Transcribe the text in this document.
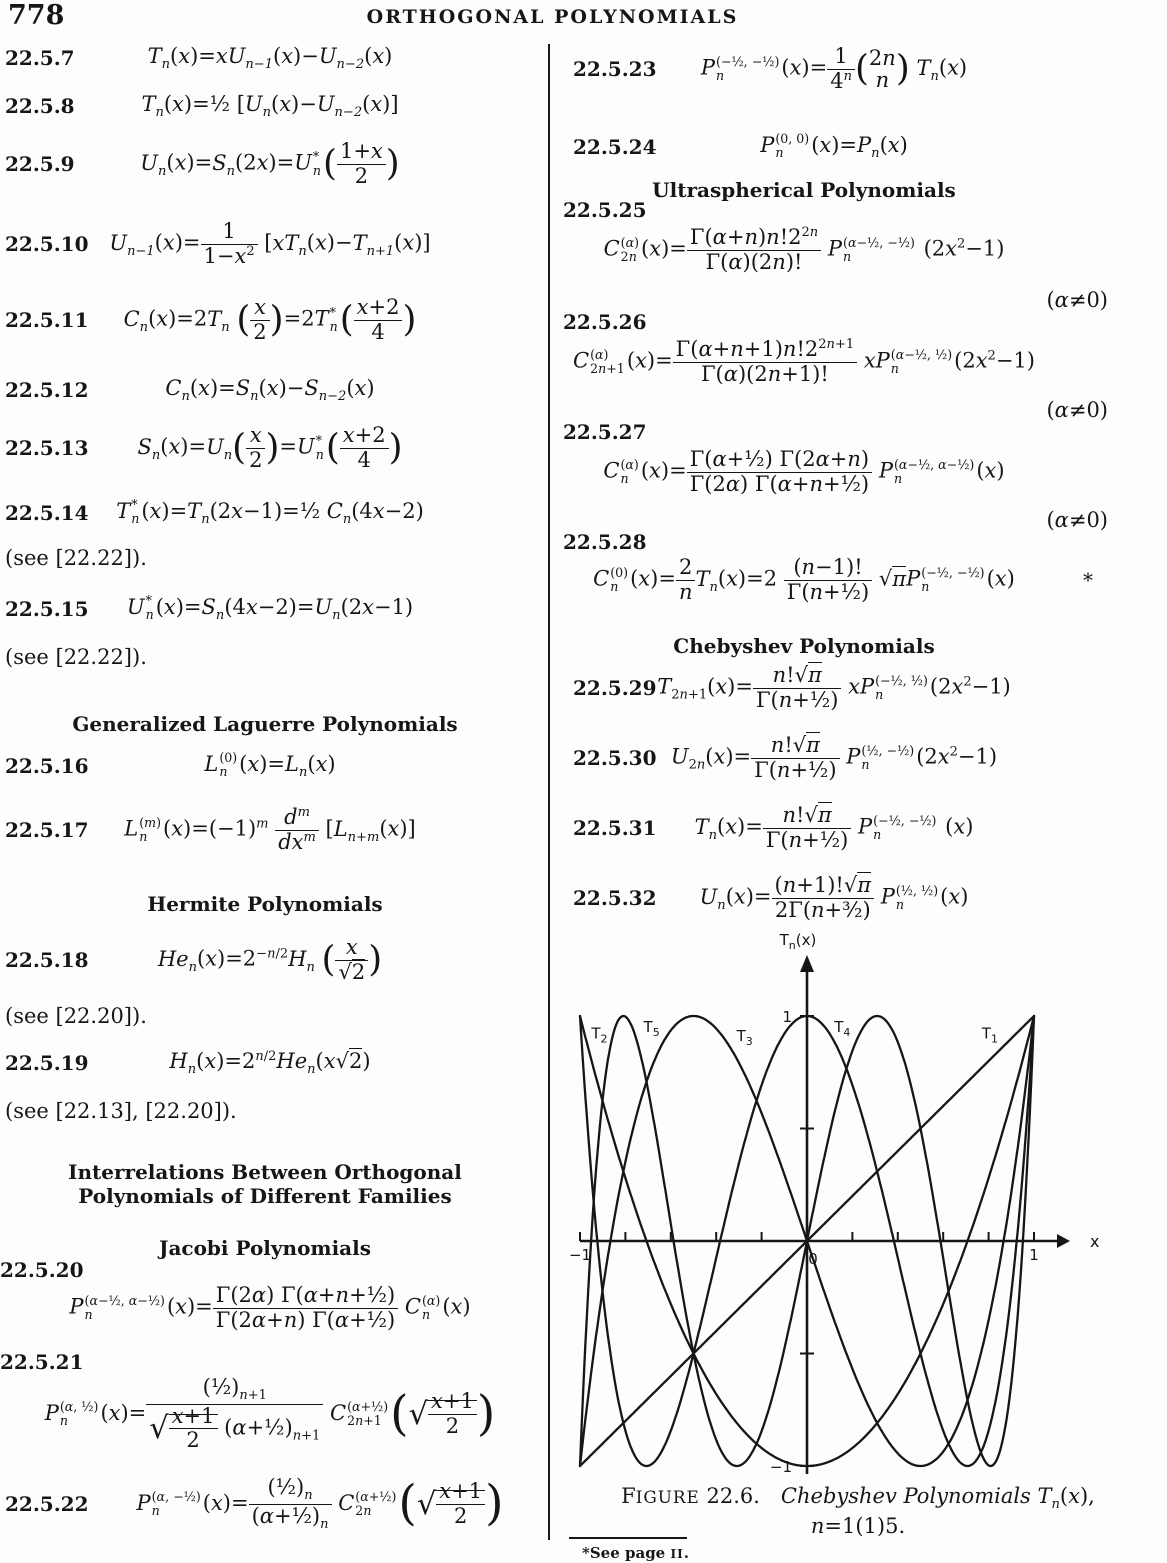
778	ORTHOGONAL POLYNOMIALS
22.5.7	$T_n(x)=xU_{n-1}(x)-U_{n-2}(x)$
22.5.8	$T_n(x)=\frac{1}{2}$ $[U_n(x)-U_{n-2}(x)]$
22.5.9	$U_n(x)=S_n(2x)=U$ *
n ( $\frac{1+x}{2}$ )
22.5.10 $U_{n-1}(x)= \frac{1}{1-x^2} [xT_n(x)-T_{n+1}(x)]$
22.5.11	$C_n(x)=2T_n$ ( $\frac{x}{2} )=2T$ *
n ( $\frac{x+2}{4}$ )
22.5.12	$C_n(x)=S_n(x)-S_{n-2}(x)$
22.5.13	$S_n(x)=U_n( \frac{x}{2} )=U$ *
n ( $\frac{x+2}{4}$ )
22.5.14	T *
n $(x)=T_n(2x-1)=\frac{1}{2}$ $C_n(4x-2)$
(see [22.22]).
22.5.15	U *
n $(x)=S_n(4x-2)=U_n(2x-1)$
(see [22.22]).
Generalized Laguerre Polynomials
22.5.16	L (0)
n $(x)=L_n(x)$
22.5.17	L (m)
n $(x)=(-1)^m$ $d^m$
$dx^m$ $[L_{n+m}(x)]$
Hermite Polynomials
22.5.18	$He_n(x)=2^{-n/2}H_n$ ( $\frac{x}{√2}$ )
(see [22.20]).
22.5.19	$H_n(x)=2^{n/2}He_n(x√2)$
(see [22.13], [22.20]).
Interrelations Between Orthogonal Polynomials of Different Families
Jacobi Polynomials
22.5.20
P (α−½, α−½)
n	$(x)= \frac{\text{Γ(2α) Γ(α+n+½)}}{\text{Γ(2α+n) Γ(α+½)}}$ C (α)
n (x)
22.5.21
P (α, ½)
n $(x)= \frac{(\frac{1}{2})_{n+1}}{√ \frac{x+1}{2} (\alpha+\frac{1}{2})_{n+1}}$ C (α+½)
2n+1 (√ $\frac{x+1}{2}$ )
22.5.22	P (α, −½)
n $(x)= \frac{(\frac{1}{2})_n}{(\alpha+\frac{1}{2})_n}$ C (α+½)
2n (√ $\frac{x+1}{2}$ )
22.5.23	P (−½, −½)
n	$(x)= \frac{1}{4^n}$ ( 2n
n ) $T_n(x)$
22.5.24	P (0, 0)
n $(x)=P_n(x)$
Ultraspherical Polynomials
22.5.25
C (α)
2n $(x)= \frac{\Gamma(\alpha+n)n!2^{2n}}{\Gamma(\alpha)(2n)!}$ P (α−½, −½)
n	$(2x^2-1)$
(α≠0)
22.5.26
C (α)
2n+1 $(x)= \frac{\Gamma(\alpha+n+1)n!2^{2n+1}}{\Gamma(\alpha)(2n+1)!}$ xP (α−½, ½)
n	$(2x^2-1)$
(α≠0)
22.5.27
C (α)
n $(x)= \frac{\text{Γ(α+½) Γ(2α+n)}}{\text{Γ(2α) Γ(α+n+½)}}$ P (α−½, α−½)
n	(x)
(α≠0)
22.5.28
C (0)
n $(x)= \frac{2}{n} T_n(x)=2 \frac{(n-1)!}{\text{Γ(n+½)}} √\pi P$ (−½, −½)
n	(x)	*
Chebyshev Polynomials
22.5.29 $T_{2n+1}(x)= \frac{n!√\pi}{\text{Γ(n+½)}}$ xP (−½, ½)
n $(2x^2-1)$
22.5.30 $U_{2n}(x)= \frac{n!√\pi}{\text{Γ(n+½)}}$ P (½, −½)
n $(2x^2-1)$
22.5.31	$T_n(x)= \frac{n!√\pi}{\text{Γ(n+½)}}$ P (−½, −½)
n	(x)
22.5.32	$U_n(x)= \frac{(n+1)!√\pi}{\text{2Γ(n+³⁄₂)}}$ P (½, ½)
n (x)
−1	0	1
1
−1
x
$T_n(x)$
$T_1$
$T_2$	$T_3$
$T_4$
$T_5$
FIGURE 22.6.  Chebyshev Polynomials $T_n(x)$,
n=1(1)5.
*See page II.
